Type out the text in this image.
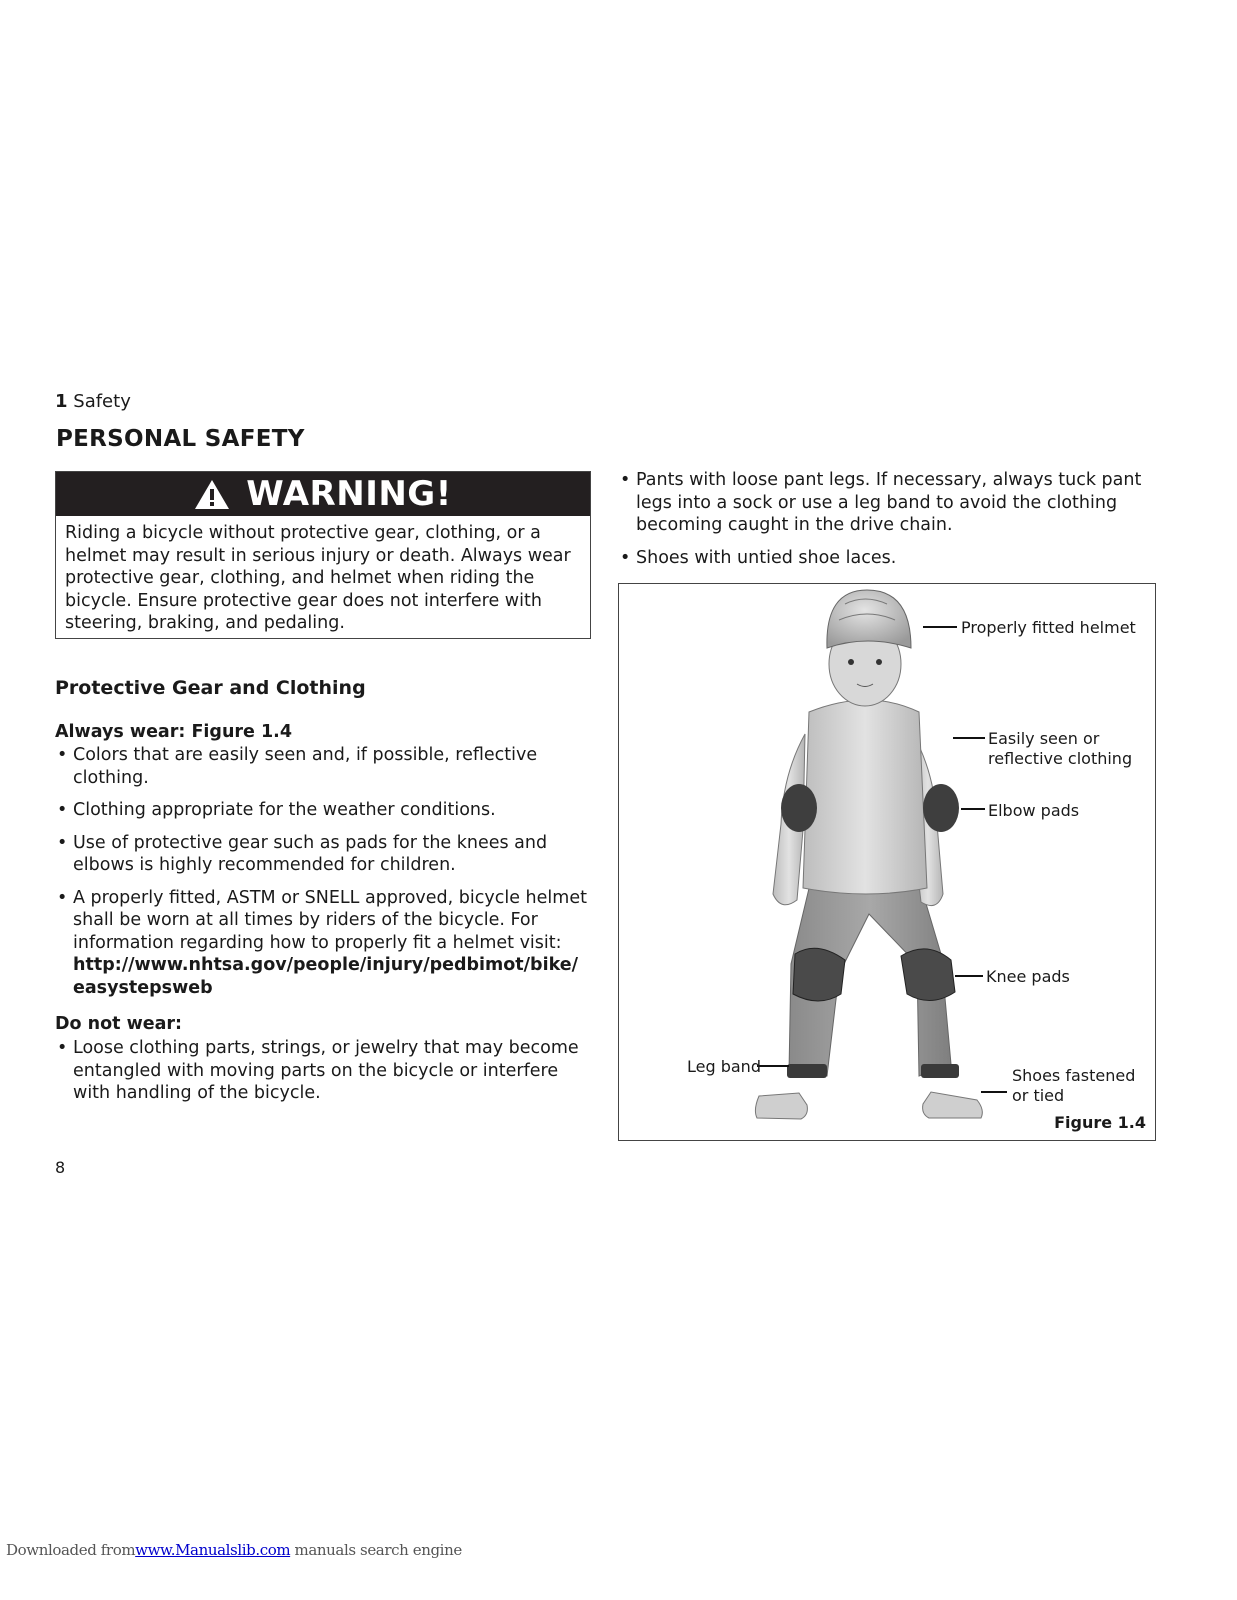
1 Safety
PERSONAL SAFETY
WARNING!
Riding a bicycle without protective gear, clothing, or a helmet may result in serious injury or death. Always wear protective gear, clothing, and helmet when riding the bicycle. Ensure protective gear does not interfere with steering, braking, and pedaling.
Protective Gear and Clothing
Always wear: Figure 1.4
• Colors that are easily seen and, if possible, reflective clothing.
• Clothing appropriate for the weather conditions.
• Use of protective gear such as pads for the knees and elbows is highly recommended for children.
• A properly fitted, ASTM or SNELL approved, bicycle helmet shall be worn at all times by riders of the bicycle. For information regarding how to properly fit a helmet visit:
http://www.nhtsa.gov/people/injury/pedbimot/bike/
easystepsweb
Do not wear:
• Loose clothing parts, strings, or jewelry that may become entangled with moving parts on the bicycle or interfere with handling of the bicycle.
• Pants with loose pant legs. If necessary, always tuck pant legs into a sock or use a leg band to avoid the clothing becoming caught in the drive chain.
• Shoes with untied shoe laces.
Properly fitted helmet
Easily seen or
reflective clothing
Elbow pads
Knee pads
Leg band	Shoes fastened
or tied
Figure 1.4
8
Downloaded fromwww.Manualslib.com manuals search engine
